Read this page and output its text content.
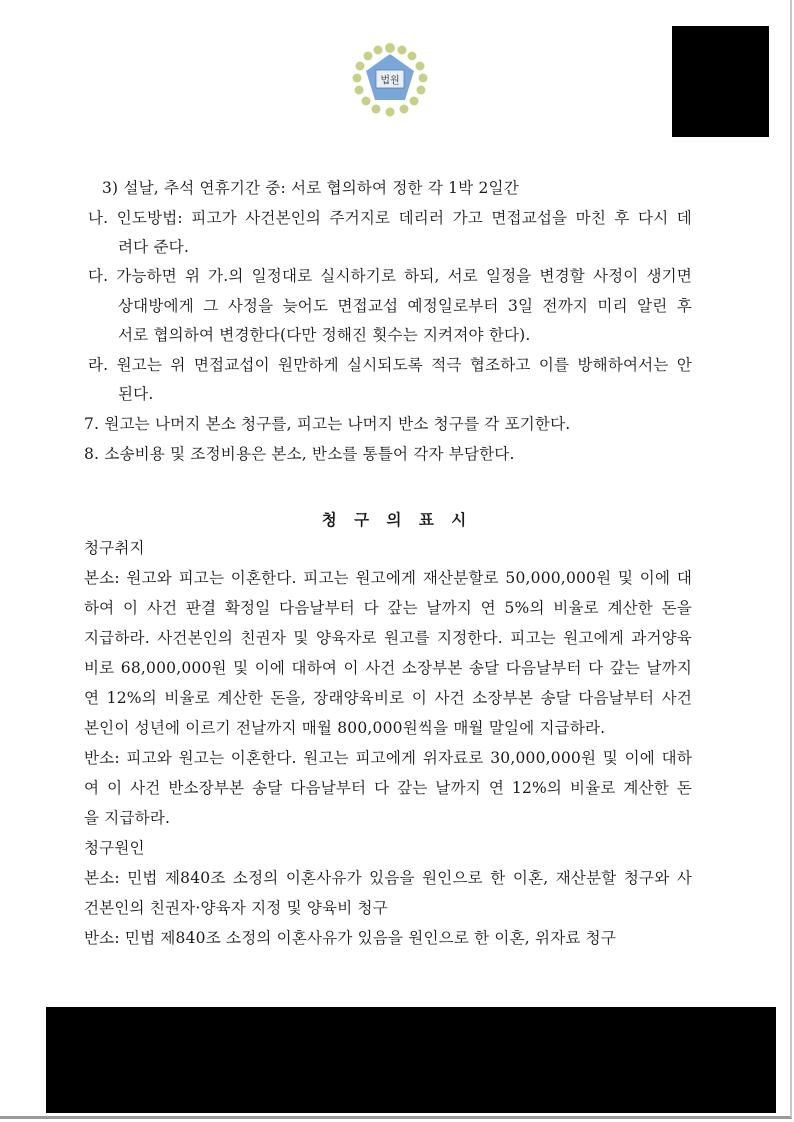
법원
3) 설날, 추석 연휴기간 중: 서로 협의하여 정한 각 1박 2일간
나. 인도방법: 피고가 사건본인의 주거지로 데리러 가고 면접교섭을 마친 후 다시 데
려다 준다.
다. 가능하면 위 가.의 일정대로 실시하기로 하되, 서로 일정을 변경할 사정이 생기면
상대방에게 그 사정을 늦어도 면접교섭 예정일로부터 3일 전까지 미리 알린 후
서로 협의하여 변경한다(다만 정해진 횟수는 지켜져야 한다).
라. 원고는 위 면접교섭이 원만하게 실시되도록 적극 협조하고 이를 방해하여서는 안
된다.
7. 원고는 나머지 본소 청구를, 피고는 나머지 반소 청구를 각 포기한다.
8. 소송비용 및 조정비용은 본소, 반소를 통틀어 각자 부담한다.
청 구 의 표 시
청구취지
본소: 원고와 피고는 이혼한다. 피고는 원고에게 재산분할로 50,000,000원 및 이에 대
하여 이 사건 판결 확정일 다음날부터 다 갚는 날까지 연 5%의 비율로 계산한 돈을
지급하라. 사건본인의 친권자 및 양육자로 원고를 지정한다. 피고는 원고에게 과거양육
비로 68,000,000원 및 이에 대하여 이 사건 소장부본 송달 다음날부터 다 갚는 날까지
연 12%의 비율로 계산한 돈을, 장래양육비로 이 사건 소장부본 송달 다음날부터 사건
본인이 성년에 이르기 전날까지 매월 800,000원씩을 매월 말일에 지급하라.
반소: 피고와 원고는 이혼한다. 원고는 피고에게 위자료로 30,000,000원 및 이에 대하
여 이 사건 반소장부본 송달 다음날부터 다 갚는 날까지 연 12%의 비율로 계산한 돈
을 지급하라.
청구원인
본소: 민법 제840조 소정의 이혼사유가 있음을 원인으로 한 이혼, 재산분할 청구와 사
건본인의 친권자·양육자 지정 및 양육비 청구
반소: 민법 제840조 소정의 이혼사유가 있음을 원인으로 한 이혼, 위자료 청구
